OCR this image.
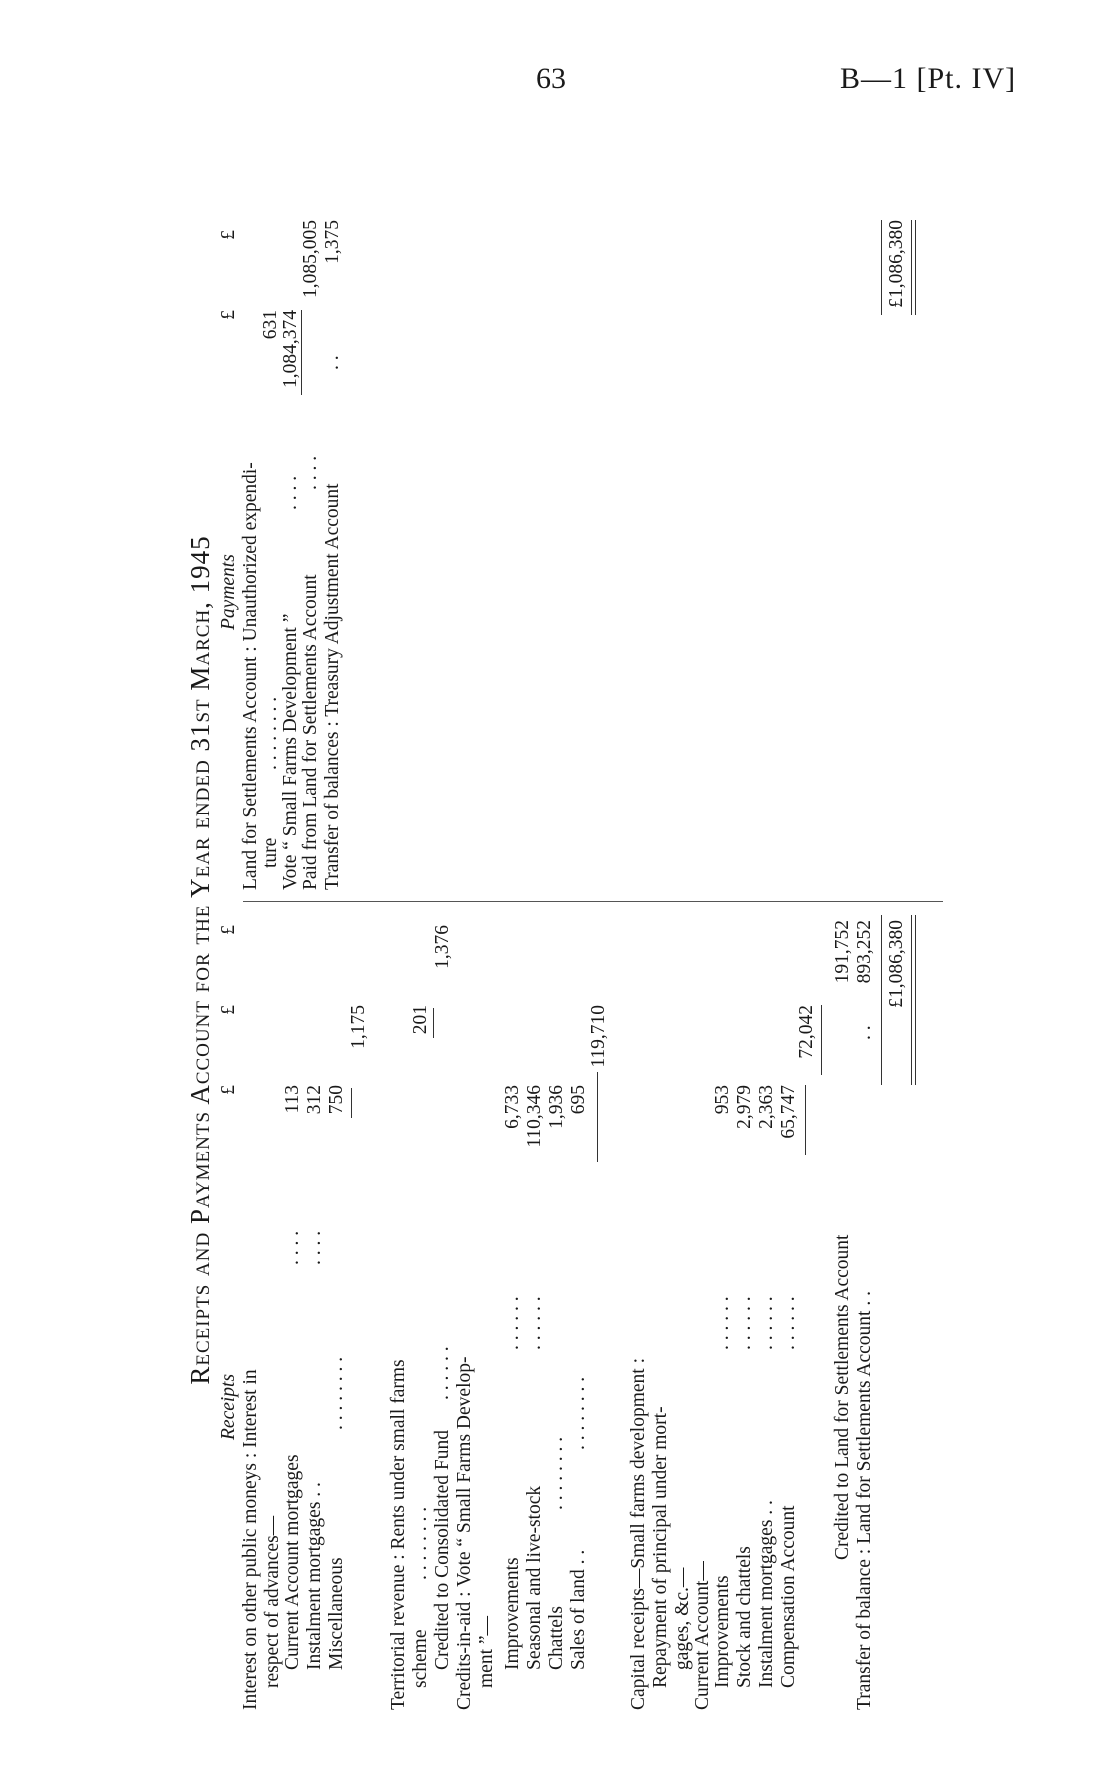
63	B—1 [Pt. IV]
Receipts and Payments Account for the Year ended 31st March, 1945
Receipts
£
£
£
Interest on other public moneys : Interest in respect of advances— Current Account mortgages
. . . .
113
Instalment mortgages . .
. . . .
312
Miscellaneous
. . . . . . . .
750
1,175
Territorial revenue : Rents under small farms scheme
. . . . . . . .
201
Credited to Consolidated Fund
. . . . . .
1,376
Credits-in-aid : Vote “ Small Farms Develop- ment ”— Improvements
. . . . . .
6,733
Seasonal and live-stock
. . . . . .
110,346
Chattels
. . . . . . . .
1,936
Sales of land . .
. . . . . . . .
695
119,710
Capital receipts—Small farms development : Repayment of principal under mort- gages, &c.— Current Account— Improvements
. . . . . .
953
Stock and chattels
. . . . . .
2,979
Instalment mortgages . .
. . . . . .
2,363
Compensation Account
. . . . . .
65,747
72,042
Credited to Land for Settlements Account
191,752
Transfer of balance : Land for Settlements Account . .
. .
893,252 £1,086,380
Payments
£
£
Land for Settlements Account : Unauthorized expendi- ture
. . . . . . . .
631
Vote “ Small Farms Development ”
. . . .
1,084,374
Paid from Land for Settlements Account
. . . .
1,085,005
Transfer of balances : Treasury Adjustment Account
. .
1,375	£1,086,380
